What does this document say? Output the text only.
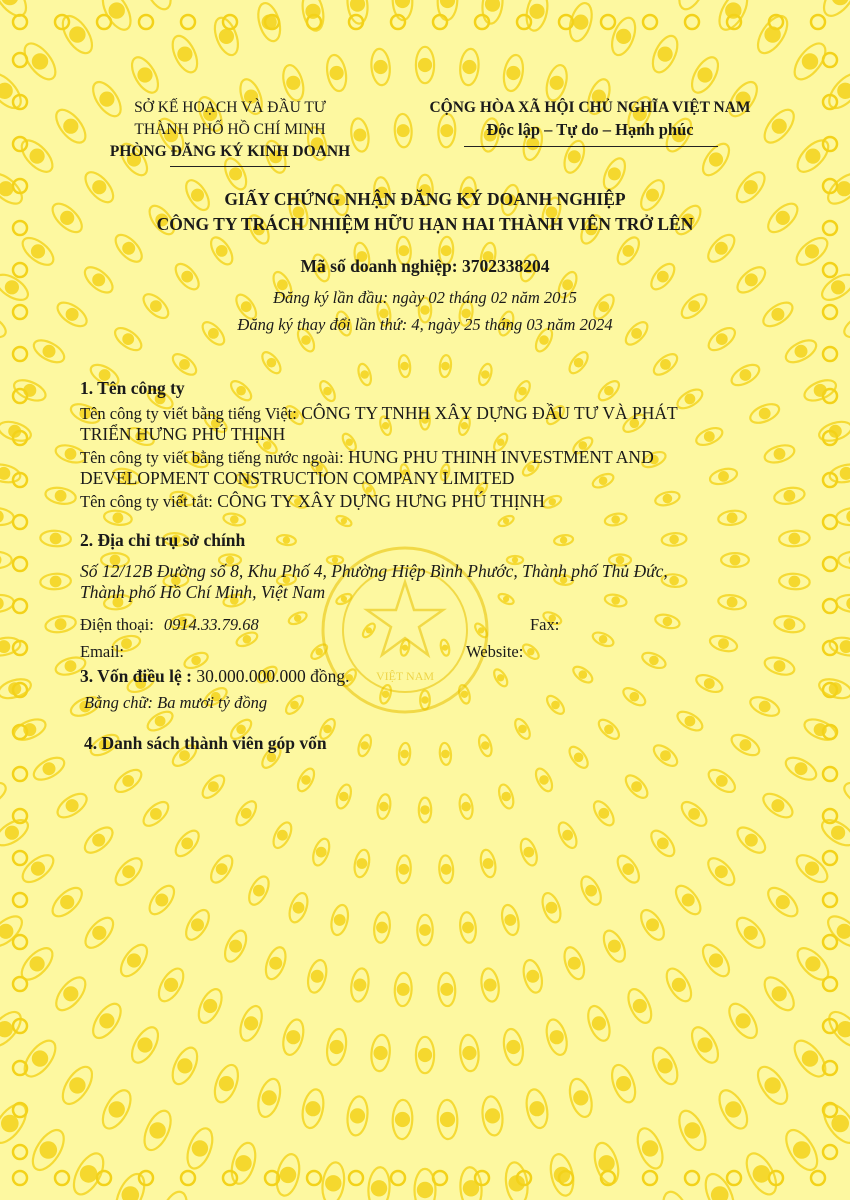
VIỆT NAM
SỞ KẾ HOẠCH VÀ ĐẦU TƯ
THÀNH PHỐ HỒ CHÍ MINH
PHÒNG ĐĂNG KÝ KINH DOANH
CỘNG HÒA XÃ HỘI CHỦ NGHĨA VIỆT NAM
Độc lập – Tự do – Hạnh phúc
GIẤY CHỨNG NHẬN ĐĂNG KÝ DOANH NGHIỆP
CÔNG TY TRÁCH NHIỆM HỮU HẠN HAI THÀNH VIÊN TRỞ LÊN
Mã số doanh nghiệp: 3702338204
Đăng ký lần đầu: ngày 02 tháng 02 năm 2015
Đăng ký thay đổi lần thứ: 4, ngày 25 tháng 03 năm 2024
1. Tên công ty
Tên công ty viết bằng tiếng Việt: CÔNG TY TNHH XÂY DỰNG ĐẦU TƯ VÀ PHÁT
TRIỂN HƯNG PHÚ THỊNH
Tên công ty viết bằng tiếng nước ngoài: HUNG PHU THINH INVESTMENT AND
DEVELOPMENT CONSTRUCTION COMPANY LIMITED
Tên công ty viết tắt: CÔNG TY XÂY DỰNG HƯNG PHÚ THỊNH
2. Địa chỉ trụ sở chính
Số 12/12B Đường số 8, Khu Phố 4, Phường Hiệp Bình Phước, Thành phố Thủ Đức,
Thành phố Hồ Chí Minh, Việt Nam
Điện thoại: 0914.33.79.68	Fax:
Email:	Website:
3. Vốn điều lệ : 30.000.000.000 đồng.
Bằng chữ: Ba mươi tỷ đồng
4. Danh sách thành viên góp vốn
